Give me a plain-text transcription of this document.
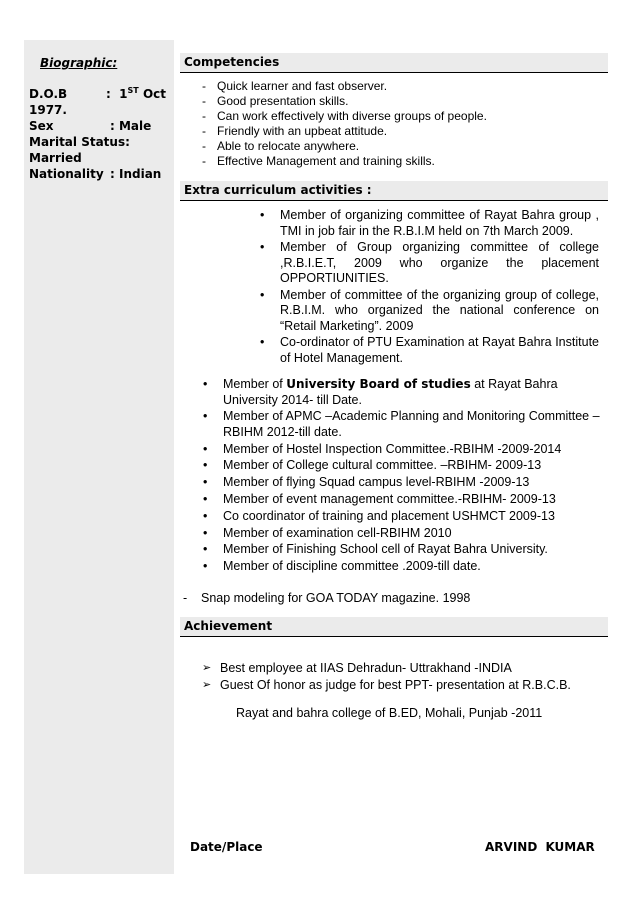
Biographic:
D.O.B	: 1ST Oct
1977.
Sex	: Male
Marital Status:
Married
Nationality : Indian
Competencies
- Quick learner and fast observer.
- Good presentation skills.
- Can work effectively with diverse groups of people.
- Friendly with an upbeat attitude.
- Able to relocate anywhere.
- Effective Management and training skills.
Extra curriculum activities :
• Member of organizing committee of Rayat Bahra group , TMI in job fair in the R.B.I.M held on 7th March 2009.
• Member of Group organizing committee of college ,R.B.I.E.T, 2009 who organize the placement OPPORTIUNITIES.
• Member of committee of the organizing group of college, R.B.I.M. who organized the national conference on “Retail Marketing”. 2009
• Co-ordinator of PTU Examination at Rayat Bahra Institute of Hotel Management.
• Member of University Board of studies at Rayat Bahra University 2014- till Date.
• Member of APMC –Academic Planning and Monitoring Committee –RBIHM 2012-till date.
• Member of Hostel Inspection Committee.-RBIHM -2009-2014
• Member of College cultural committee. –RBIHM- 2009-13
• Member of flying Squad campus level-RBIHM -2009-13
• Member of event management committee.-RBIHM- 2009-13
• Co coordinator of training and placement USHMCT 2009-13
• Member of examination cell-RBIHM 2010
• Member of Finishing School cell of Rayat Bahra University.
• Member of discipline committee .2009-till date.
- Snap modeling for GOA TODAY magazine. 1998
Achievement
➢ Best employee at IIAS Dehradun- Uttrakhand -INDIA
➢ Guest Of honor as judge for best PPT- presentation at R.B.C.B.
Rayat and bahra college of B.ED, Mohali, Punjab -2011
Date/Place	ARVIND KUMAR
